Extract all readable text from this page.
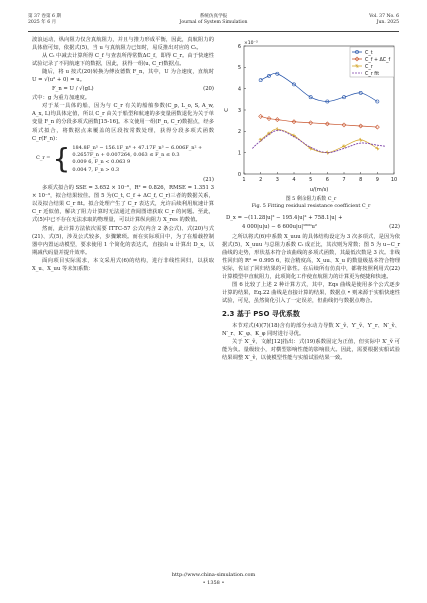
第 37 卷第 6 期
2025 年 6 月
系统仿真学报
Journal of System Simulation
Vol. 37 No. 6
Jun. 2025

波浪运动，纵向阻力仅含真航阻力，并且与推力形成平衡，因此，真航阻力的具体值可知，依据式(5)，当 u 与真航阻力已知时，易反推出对应的 Cₜ。

从 Cₜ 中减去计算所得 C_f 与查表所得常数ΔC_f，即得 C_r。由于快速性试验记录了不同航速下的数据，因此，获得一组(u, C_r)数据点。

随后，将 u 按式(20)转换为傅汝德数 F_n，其中，U 为合速度，直航时 U = √(u² + 0) = u。

F_n = U / √(gL)	(20)

式中：g 为重力加速度。

对于某一具体的船，因为与 C_r 有关的船舶参数(C_p, L_o, S, A_w, A_x, L)均具体定值，所以 C_r 由关于船型和航速的多变量函数退化为关于单变量 F_n 的分段多项式函数[15-16]。本文使用一组(F_n, C_r)数据点，经多项式拟合，将数据点来覆盖的区段按常数处理，获得分段多项式函数 C_r(F_n)：

C_r = { 184.8F_n⁵ − 156.1F_n⁴ + 47.17F_n³ − 6.006F_n² +
0.2657F_n + 0.007264, 0.063 ≤ F_n ≤ 0.3
0.009 6, F_n < 0.063 9
0.004 7, F_n > 0.3
(21)

多项式拟合的 SSE = 3.652 × 10⁻⁶，R² = 0.826，RMSE = 1.351 3 × 10⁻³，拟合结果较佳。图 5 为(C_t, C_f + ΔC_f, C_r)三者的数据关系，以及拟合结果 C_r fit。拟合处理产生了 C_r 表达式，允许后续利用航速计算 C_r 近似值，解决了阻力计算时无法通过查阅图谱获取 C_r 的问题。至此，式(5)中已不存在无法求取的物理量，可以计算纵向阻力 X_res 的数值。

然而，此计算方法依次需要 ITTC-57 公式(内含 2 条公式)、式(20)与式(21)、式(5)，涉及公式较多，步骤繁琐。而在实际项目中，为了在船载控制器中内置运动模型，要求使用 1 个简化的表达式，直接由 u 计算出 D_x，以期减代码量并提升效率。

面向项目实际需求，本文采用式(6)的结构，进行非线性回归，以获取 X_u、X_uu 等未知系数：

1	2	3	4	5	6	7	8	9 10
0
1
2
3
4
5
6
u/(m/s)
C
×10⁻³
C_t
C_f + ΔC_f
C_r
C_r fit
图 5 剩余阻力系数 C_r
Fig. 5 Fitting residual resistance coefficient C_r
D_x = −(11.28|u|² − 195.4|u|² + 758.1|u| +
4 000|u|u) − 6 600u|u|¹⁶⁰⁰u²	(22)

之所以将式(6)中系数 X_uuu 的具体结构设定为 3 次多项式，是因为依据式(5)，X_uuu 与总阻力系数 Cₜ 成正比，其次则为常数；图 5 为 u−C_r 曲线的走势，形状基本符合该曲线的多项式函数，其最低次数是 3 次。非线性回归的 R² = 0.995 6，拟合精度高，X_uu、X_u 的数量级基本符合物理实际，佐证了回归结果的可靠性。在后续所有仿真中，都将按照利用式(22)计算模型中直航阻力，此项简化工作使直航阻力的计算更为便捷和快速。

图 6 比较了上述 2 种计算方式，其中，Eqs 曲线是使用多个公式逐步计算的结果，Eq.22 曲线是直接计算的结果，数据点 • 则来源于实船快速性试验，可见，虽然简化引入了一定误差，但曲线仍与数据点吻合。

2.3 基于 PSO 寻优系数

本节对式(4)(7)(18)含有的部分水动力导数 X′_ṽ、Y′_ṽ、Y′_r、N′_ṽ、N′_r、K′_φ、K_φ 同时进行寻优。

关于 X′_ṽ，文献[12]指出：式(19)系数固定为正值，但实际中 X′_ṽ 可能为负。量级较小，对横型影响性能的影响很大。因此，需要根据实船试验结果调整 X′_ṽ，以使模型性能与实船试验结果一致。

http://www.china-simulation.com
• 1358 •
